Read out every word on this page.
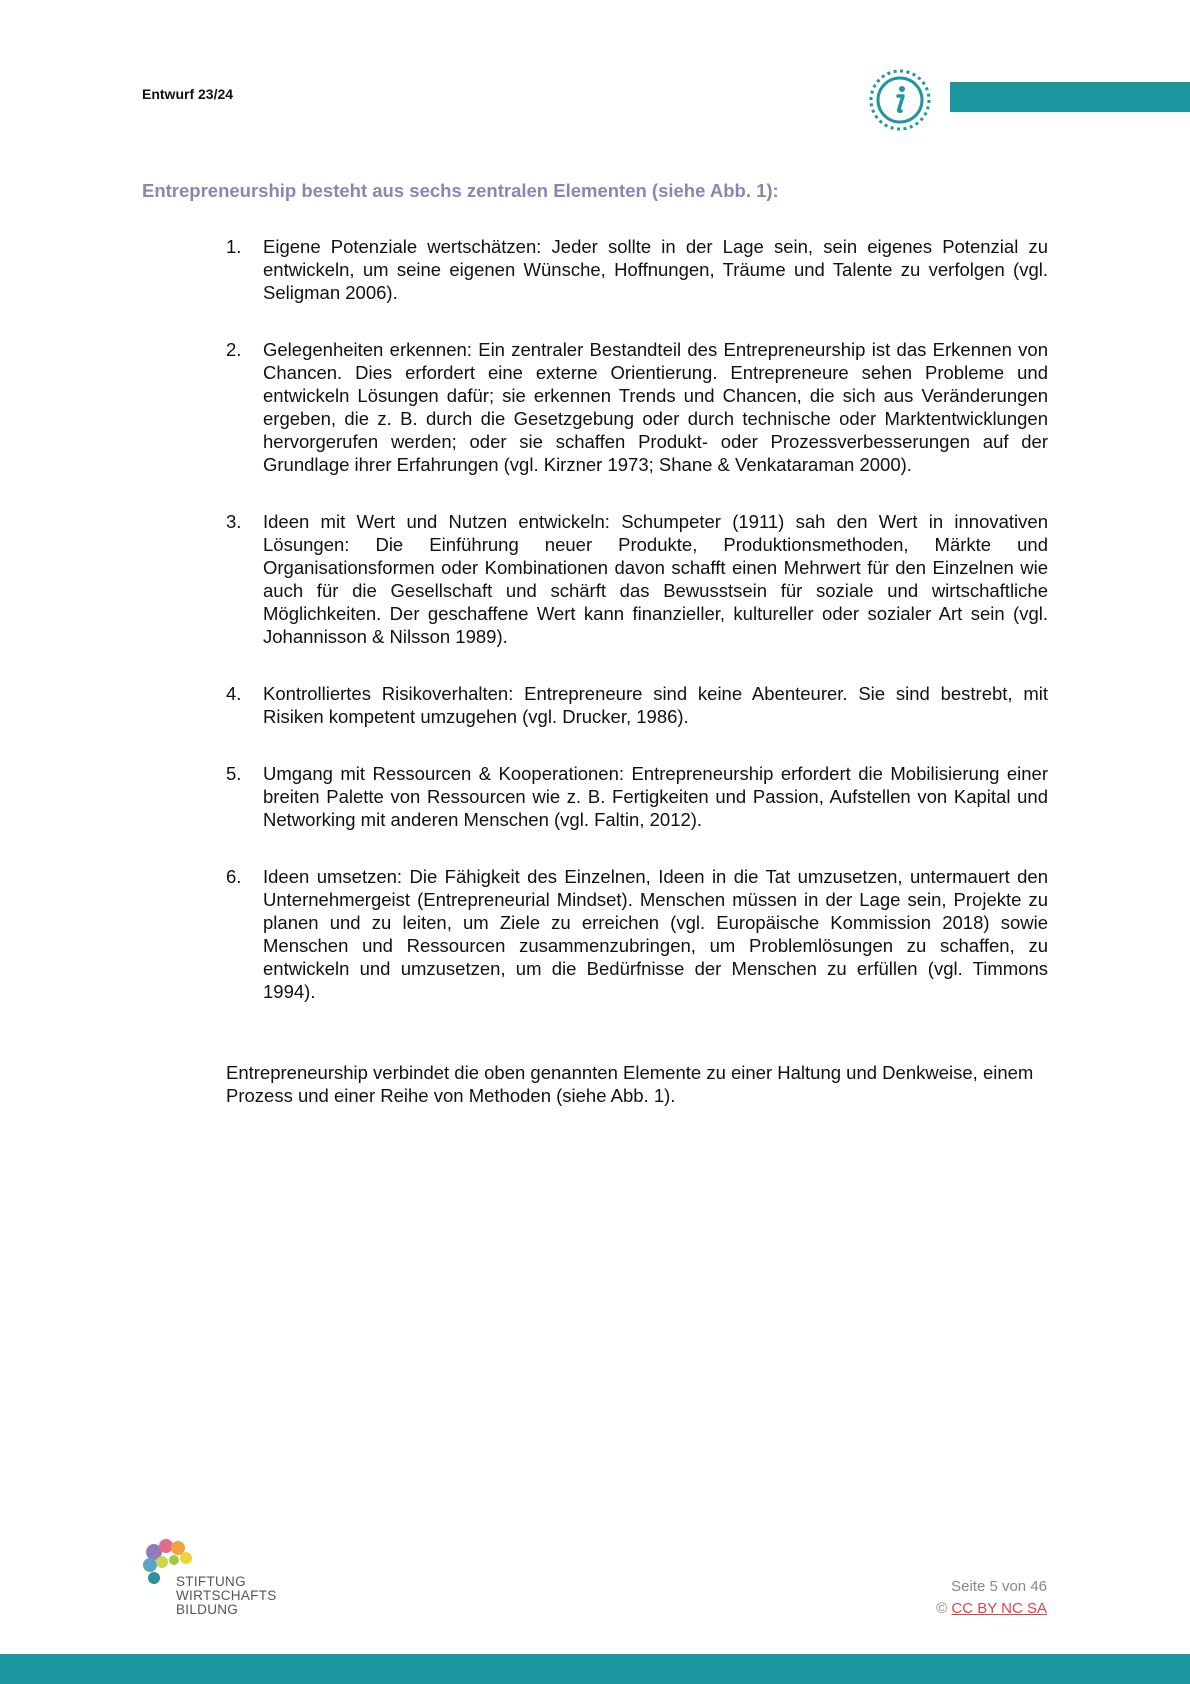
Entwurf 23/24
Entrepreneurship besteht aus sechs zentralen Elementen (siehe Abb. 1):
1. Eigene Potenziale wertschätzen: Jeder sollte in der Lage sein, sein eigenes Potenzial zu entwickeln, um seine eigenen Wünsche, Hoffnungen, Träume und Talente zu verfolgen (vgl. Seligman 2006).
2. Gelegenheiten erkennen: Ein zentraler Bestandteil des Entrepreneurship ist das Erkennen von Chancen. Dies erfordert eine externe Orientierung. Entrepreneure sehen Probleme und entwickeln Lösungen dafür; sie erkennen Trends und Chancen, die sich aus Veränderungen ergeben, die z. B. durch die Gesetzgebung oder durch technische oder Marktentwicklungen hervorgerufen werden; oder sie schaffen Produkt- oder Prozessverbesserungen auf der Grundlage ihrer Erfahrungen (vgl. Kirzner 1973; Shane & Venkataraman 2000).
3. Ideen mit Wert und Nutzen entwickeln: Schumpeter (1911) sah den Wert in innovativen Lösungen: Die Einführung neuer Produkte, Produktionsmethoden, Märkte und Organisationsformen oder Kombinationen davon schafft einen Mehrwert für den Einzelnen wie auch für die Gesellschaft und schärft das Bewusstsein für soziale und wirtschaftliche Möglichkeiten. Der geschaffene Wert kann finanzieller, kultureller oder sozialer Art sein (vgl. Johannisson & Nilsson 1989).
4. Kontrolliertes Risikoverhalten: Entrepreneure sind keine Abenteurer. Sie sind bestrebt, mit Risiken kompetent umzugehen (vgl. Drucker, 1986).
5. Umgang mit Ressourcen & Kooperationen: Entrepreneurship erfordert die Mobilisierung einer breiten Palette von Ressourcen wie z. B. Fertigkeiten und Passion, Aufstellen von Kapital und Networking mit anderen Menschen (vgl. Faltin, 2012).
6. Ideen umsetzen: Die Fähigkeit des Einzelnen, Ideen in die Tat umzusetzen, untermauert den Unternehmergeist (Entrepreneurial Mindset). Menschen müssen in der Lage sein, Projekte zu planen und zu leiten, um Ziele zu erreichen (vgl. Europäische Kommission 2018) sowie Menschen und Ressourcen zusammenzubringen, um Problemlösungen zu schaffen, zu entwickeln und umzusetzen, um die Bedürfnisse der Menschen zu erfüllen (vgl. Timmons 1994).

Entrepreneurship verbindet die oben genannten Elemente zu einer Haltung und Denkweise, einem Prozess und einer Reihe von Methoden (siehe Abb. 1).

STIFTUNG
WIRTSCHAFTS
BILDUNG
Seite 5 von 46
© CC BY NC SA
